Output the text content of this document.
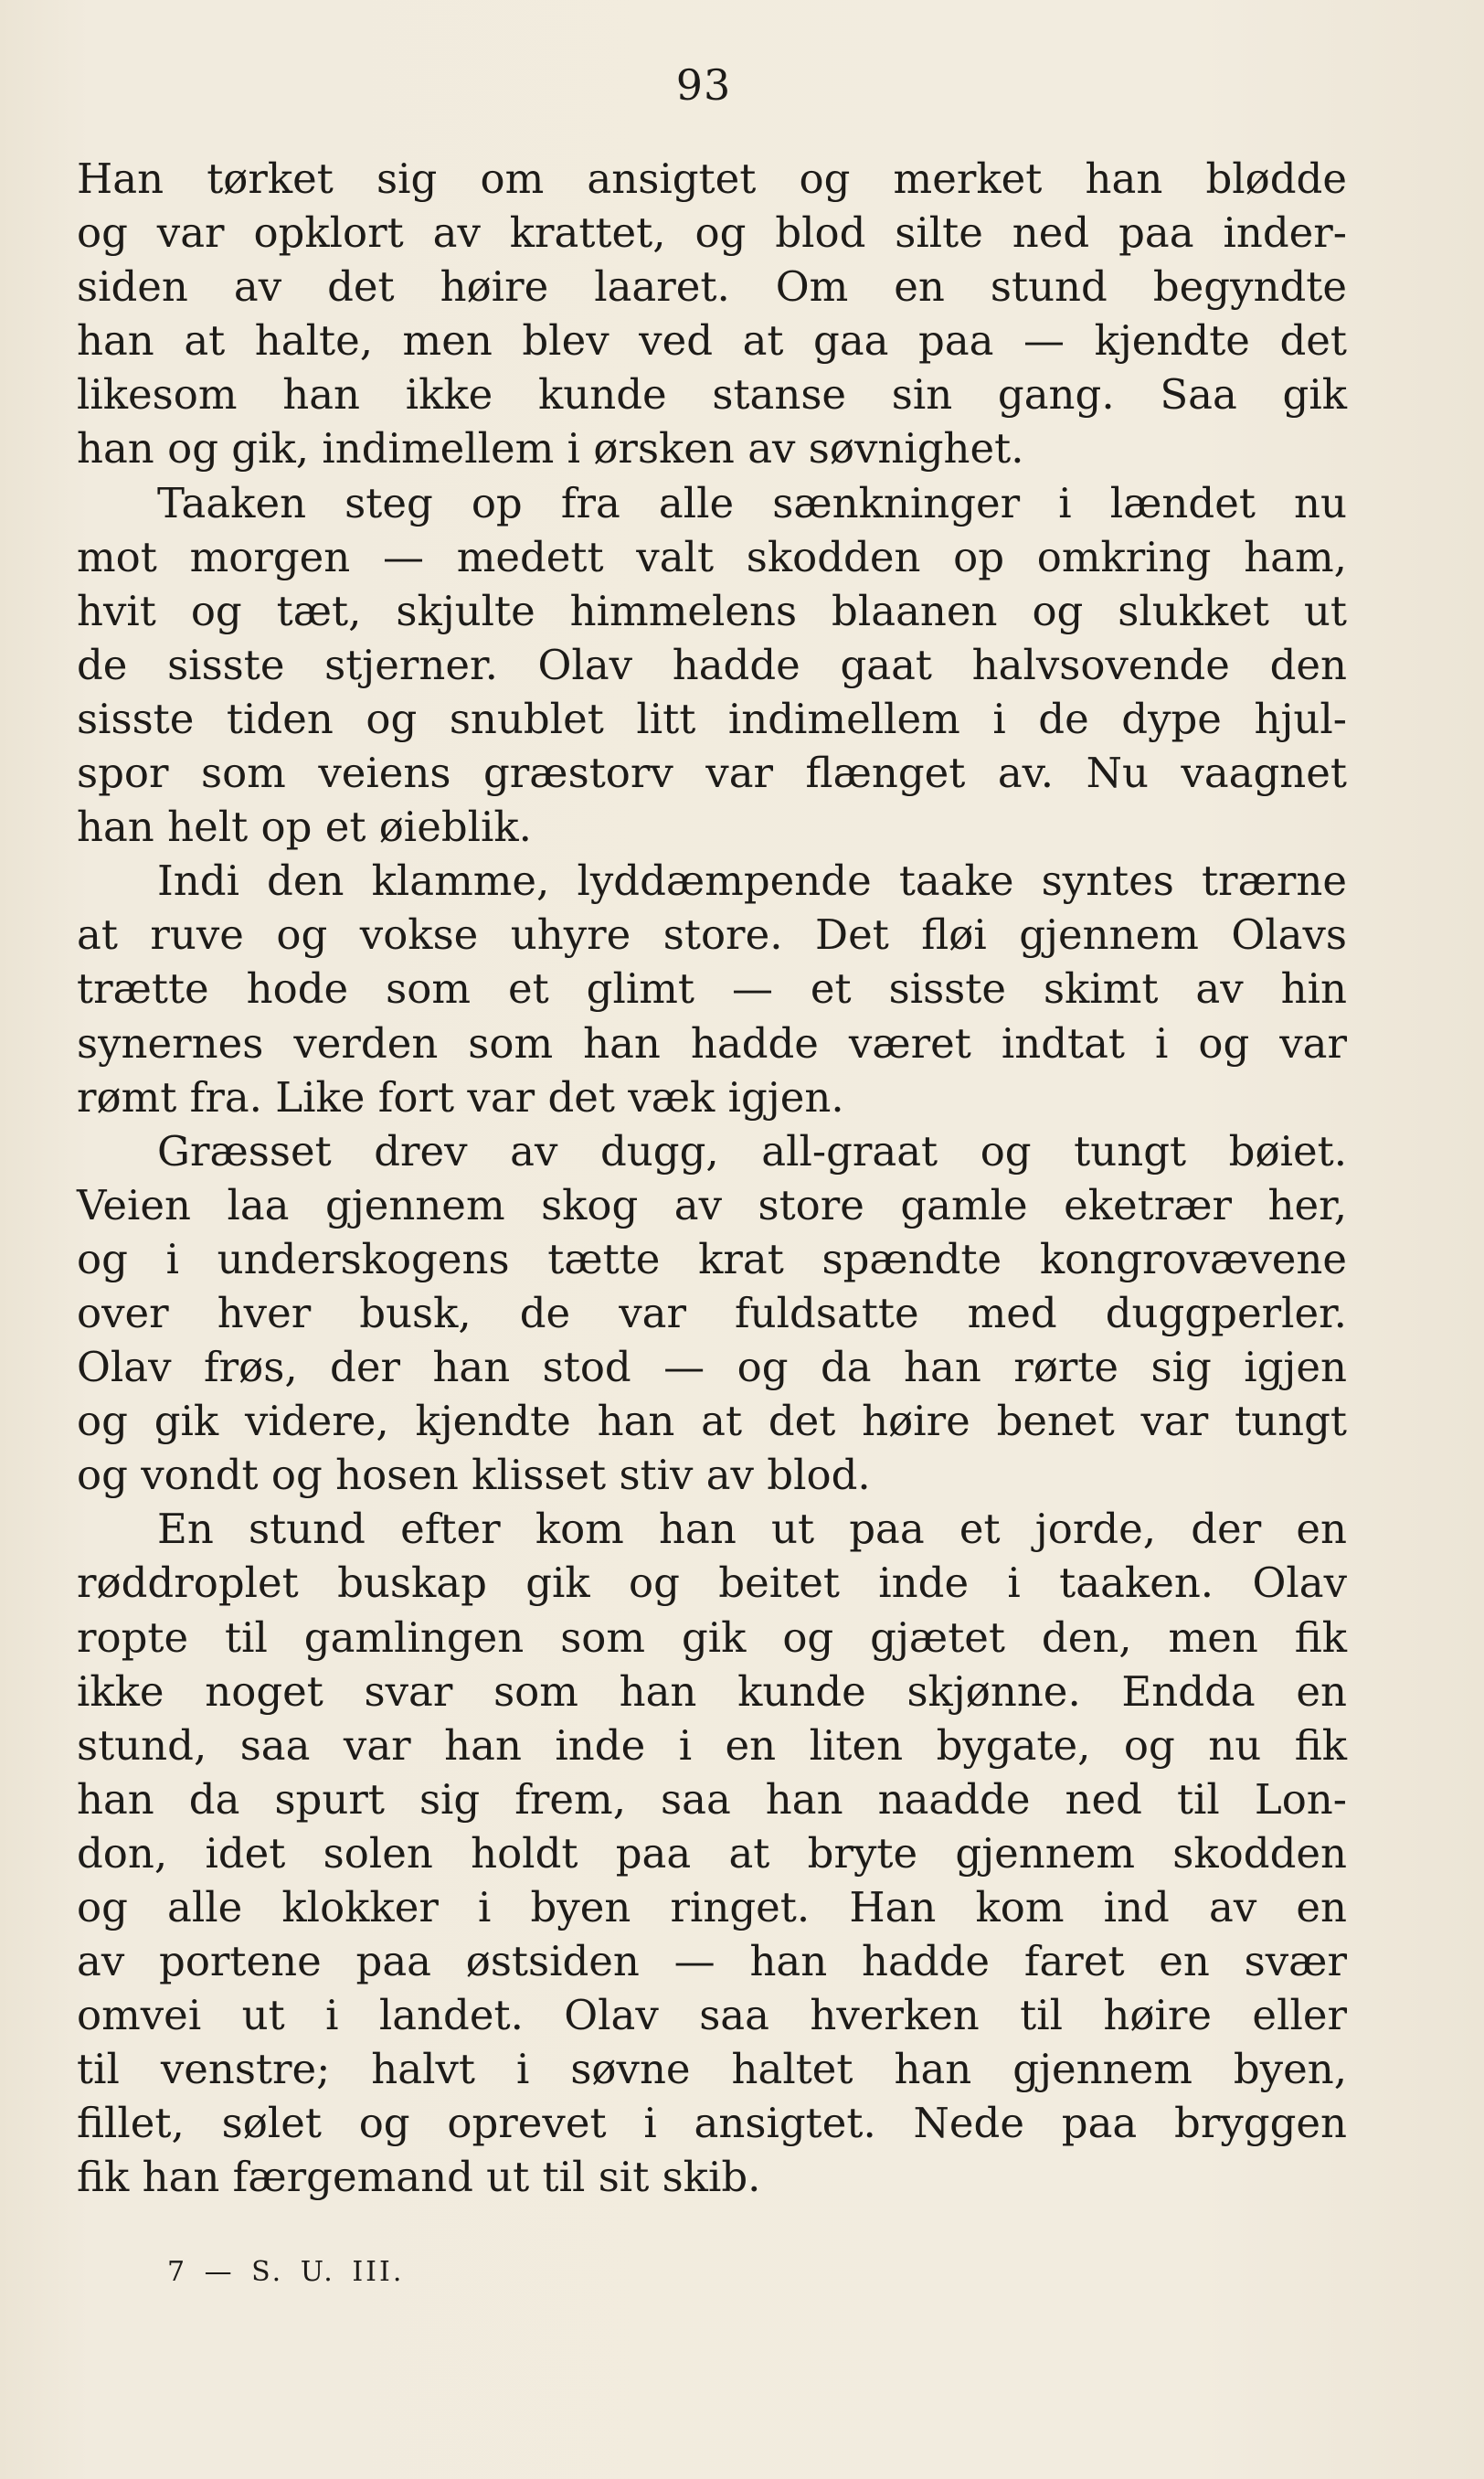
93
Han tørket sig om ansigtet og merket han blødde
og var opklort av krattet, og blod silte ned paa inder-
siden av det høire laaret. Om en stund begyndte
han at halte, men blev ved at gaa paa — kjendte det
likesom han ikke kunde stanse sin gang. Saa gik
han og gik, indimellem i ørsken av søvnighet.
Taaken steg op fra alle sænkninger i lændet nu
mot morgen — medett valt skodden op omkring ham,
hvit og tæt, skjulte himmelens blaanen og slukket ut
de sisste stjerner. Olav hadde gaat halvsovende den
sisste tiden og snublet litt indimellem i de dype hjul-
spor som veiens græstorv var flænget av. Nu vaagnet
han helt op et øieblik.
Indi den klamme, lyddæmpende taake syntes trærne
at ruve og vokse uhyre store. Det fløi gjennem Olavs
trætte hode som et glimt — et sisste skimt av hin
synernes verden som han hadde været indtat i og var
rømt fra. Like fort var det væk igjen.
Græsset drev av dugg, all-graat og tungt bøiet.
Veien laa gjennem skog av store gamle eketrær her,
og i underskogens tætte krat spændte kongrovævene
over hver busk, de var fuldsatte med duggperler.
Olav frøs, der han stod — og da han rørte sig igjen
og gik videre, kjendte han at det høire benet var tungt
og vondt og hosen klisset stiv av blod.
En stund efter kom han ut paa et jorde, der en
røddroplet buskap gik og beitet inde i taaken. Olav
ropte til gamlingen som gik og gjætet den, men fik
ikke noget svar som han kunde skjønne. Endda en
stund, saa var han inde i en liten bygate, og nu fik
han da spurt sig frem, saa han naadde ned til Lon-
don, idet solen holdt paa at bryte gjennem skodden
og alle klokker i byen ringet. Han kom ind av en
av portene paa østsiden — han hadde faret en svær
omvei ut i landet. Olav saa hverken til høire eller
til venstre; halvt i søvne haltet han gjennem byen,
fillet, sølet og oprevet i ansigtet. Nede paa bryggen
fik han færgemand ut til sit skib.
7 — S. U. III.
